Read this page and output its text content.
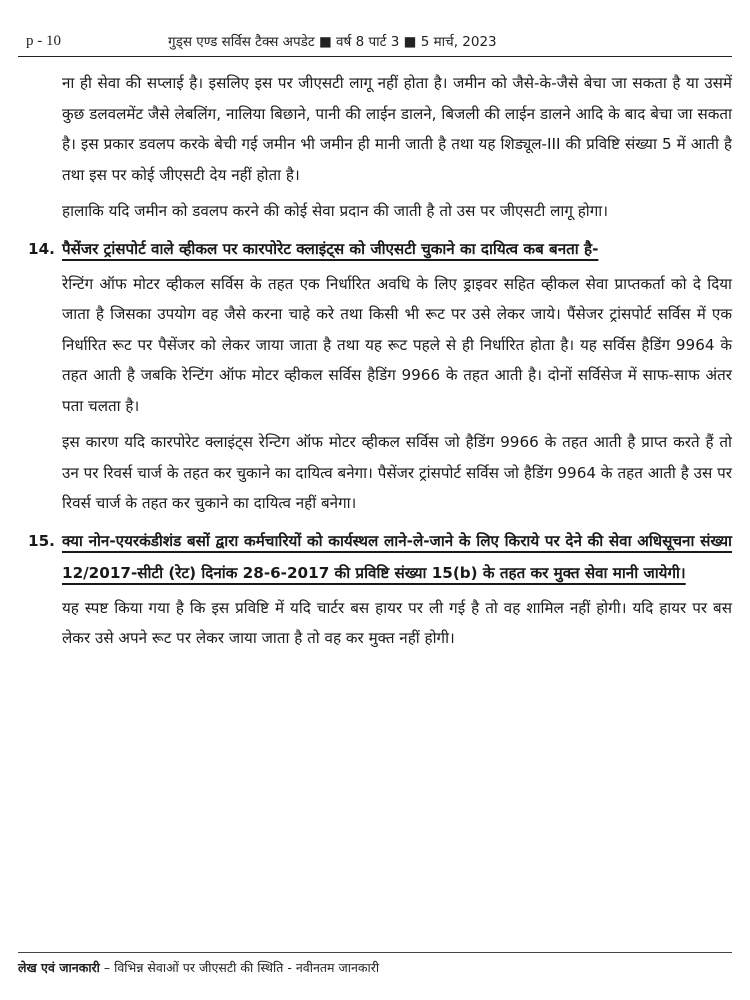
p - 10	गुड्स एण्ड सर्विस टैक्स अपडेट ■ वर्ष 8 पार्ट 3 ■ 5 मार्च, 2023

ना ही सेवा की सप्लाई है। इसलिए इस पर जीएसटी लागू नहीं होता है। जमीन को जैसे-के-जैसे बेचा जा सकता है या उसमें कुछ डलवलमेंट जैसे लेबलिंग, नालिया बिछाने, पानी की लाईन डालने, बिजली की लाईन डालने आदि के बाद बेचा जा सकता है। इस प्रकार डवलप करके बेची गई जमीन भी जमीन ही मानी जाती है तथा यह शिड्यूल-III की प्रविष्टि संख्या 5 में आती है तथा इस पर कोई जीएसटी देय नहीं होता है।

हालाकि यदि जमीन को डवलप करने की कोई सेवा प्रदान की जाती है तो उस पर जीएसटी लागू होगा।

14. पैसेंजर ट्रांसपोर्ट वाले व्हीकल पर कारपोरेट क्लाइंट्स को जीएसटी चुकाने का दायित्व कब बनता है-

रेन्टिंग ऑफ मोटर व्हीकल सर्विस के तहत एक निर्धारित अवधि के लिए ड्राइवर सहित व्हीकल सेवा प्राप्तकर्ता को दे दिया जाता है जिसका उपयोग वह जैसे करना चाहे करे तथा किसी भी रूट पर उसे लेकर जाये। पैंसेजर ट्रांसपोर्ट सर्विस में एक निर्धारित रूट पर पैसेंजर को लेकर जाया जाता है तथा यह रूट पहले से ही निर्धारित होता है। यह सर्विस हैडिंग 9964 के तहत आती है जबकि रेन्टिंग ऑफ मोटर व्हीकल सर्विस हैडिंग 9966 के तहत आती है। दोनों सर्विसेज में साफ-साफ अंतर पता चलता है।

इस कारण यदि कारपोरेट क्लाइंट्स रेन्टिग ऑफ मोटर व्हीकल सर्विस जो हैडिंग 9966 के तहत आती है प्राप्त करते हैं तो उन पर रिवर्स चार्ज के तहत कर चुकाने का दायित्व बनेगा। पैसेंजर ट्रांसपोर्ट सर्विस जो हैडिंग 9964 के तहत आती है उस पर रिवर्स चार्ज के तहत कर चुकाने का दायित्व नहीं बनेगा।

15. क्या नोन-एयरकंडीशंड बसों द्वारा कर्मचारियों को कार्यस्थल लाने-ले-जाने के लिए किराये पर देने की सेवा अधिसूचना संख्या 12/2017-सीटी (रेट) दिनांक 28-6-2017 की प्रविष्टि संख्या 15(b) के तहत कर मुक्त सेवा मानी जायेगी।

यह स्पष्ट किया गया है कि इस प्रविष्टि में यदि चार्टर बस हायर पर ली गई है तो वह शामिल नहीं होगी। यदि हायर पर बस लेकर उसे अपने रूट पर लेकर जाया जाता है तो वह कर मुक्त नहीं होगी।

लेख एवं जानकारी – विभिन्न सेवाओं पर जीएसटी की स्थिति - नवीनतम जानकारी
